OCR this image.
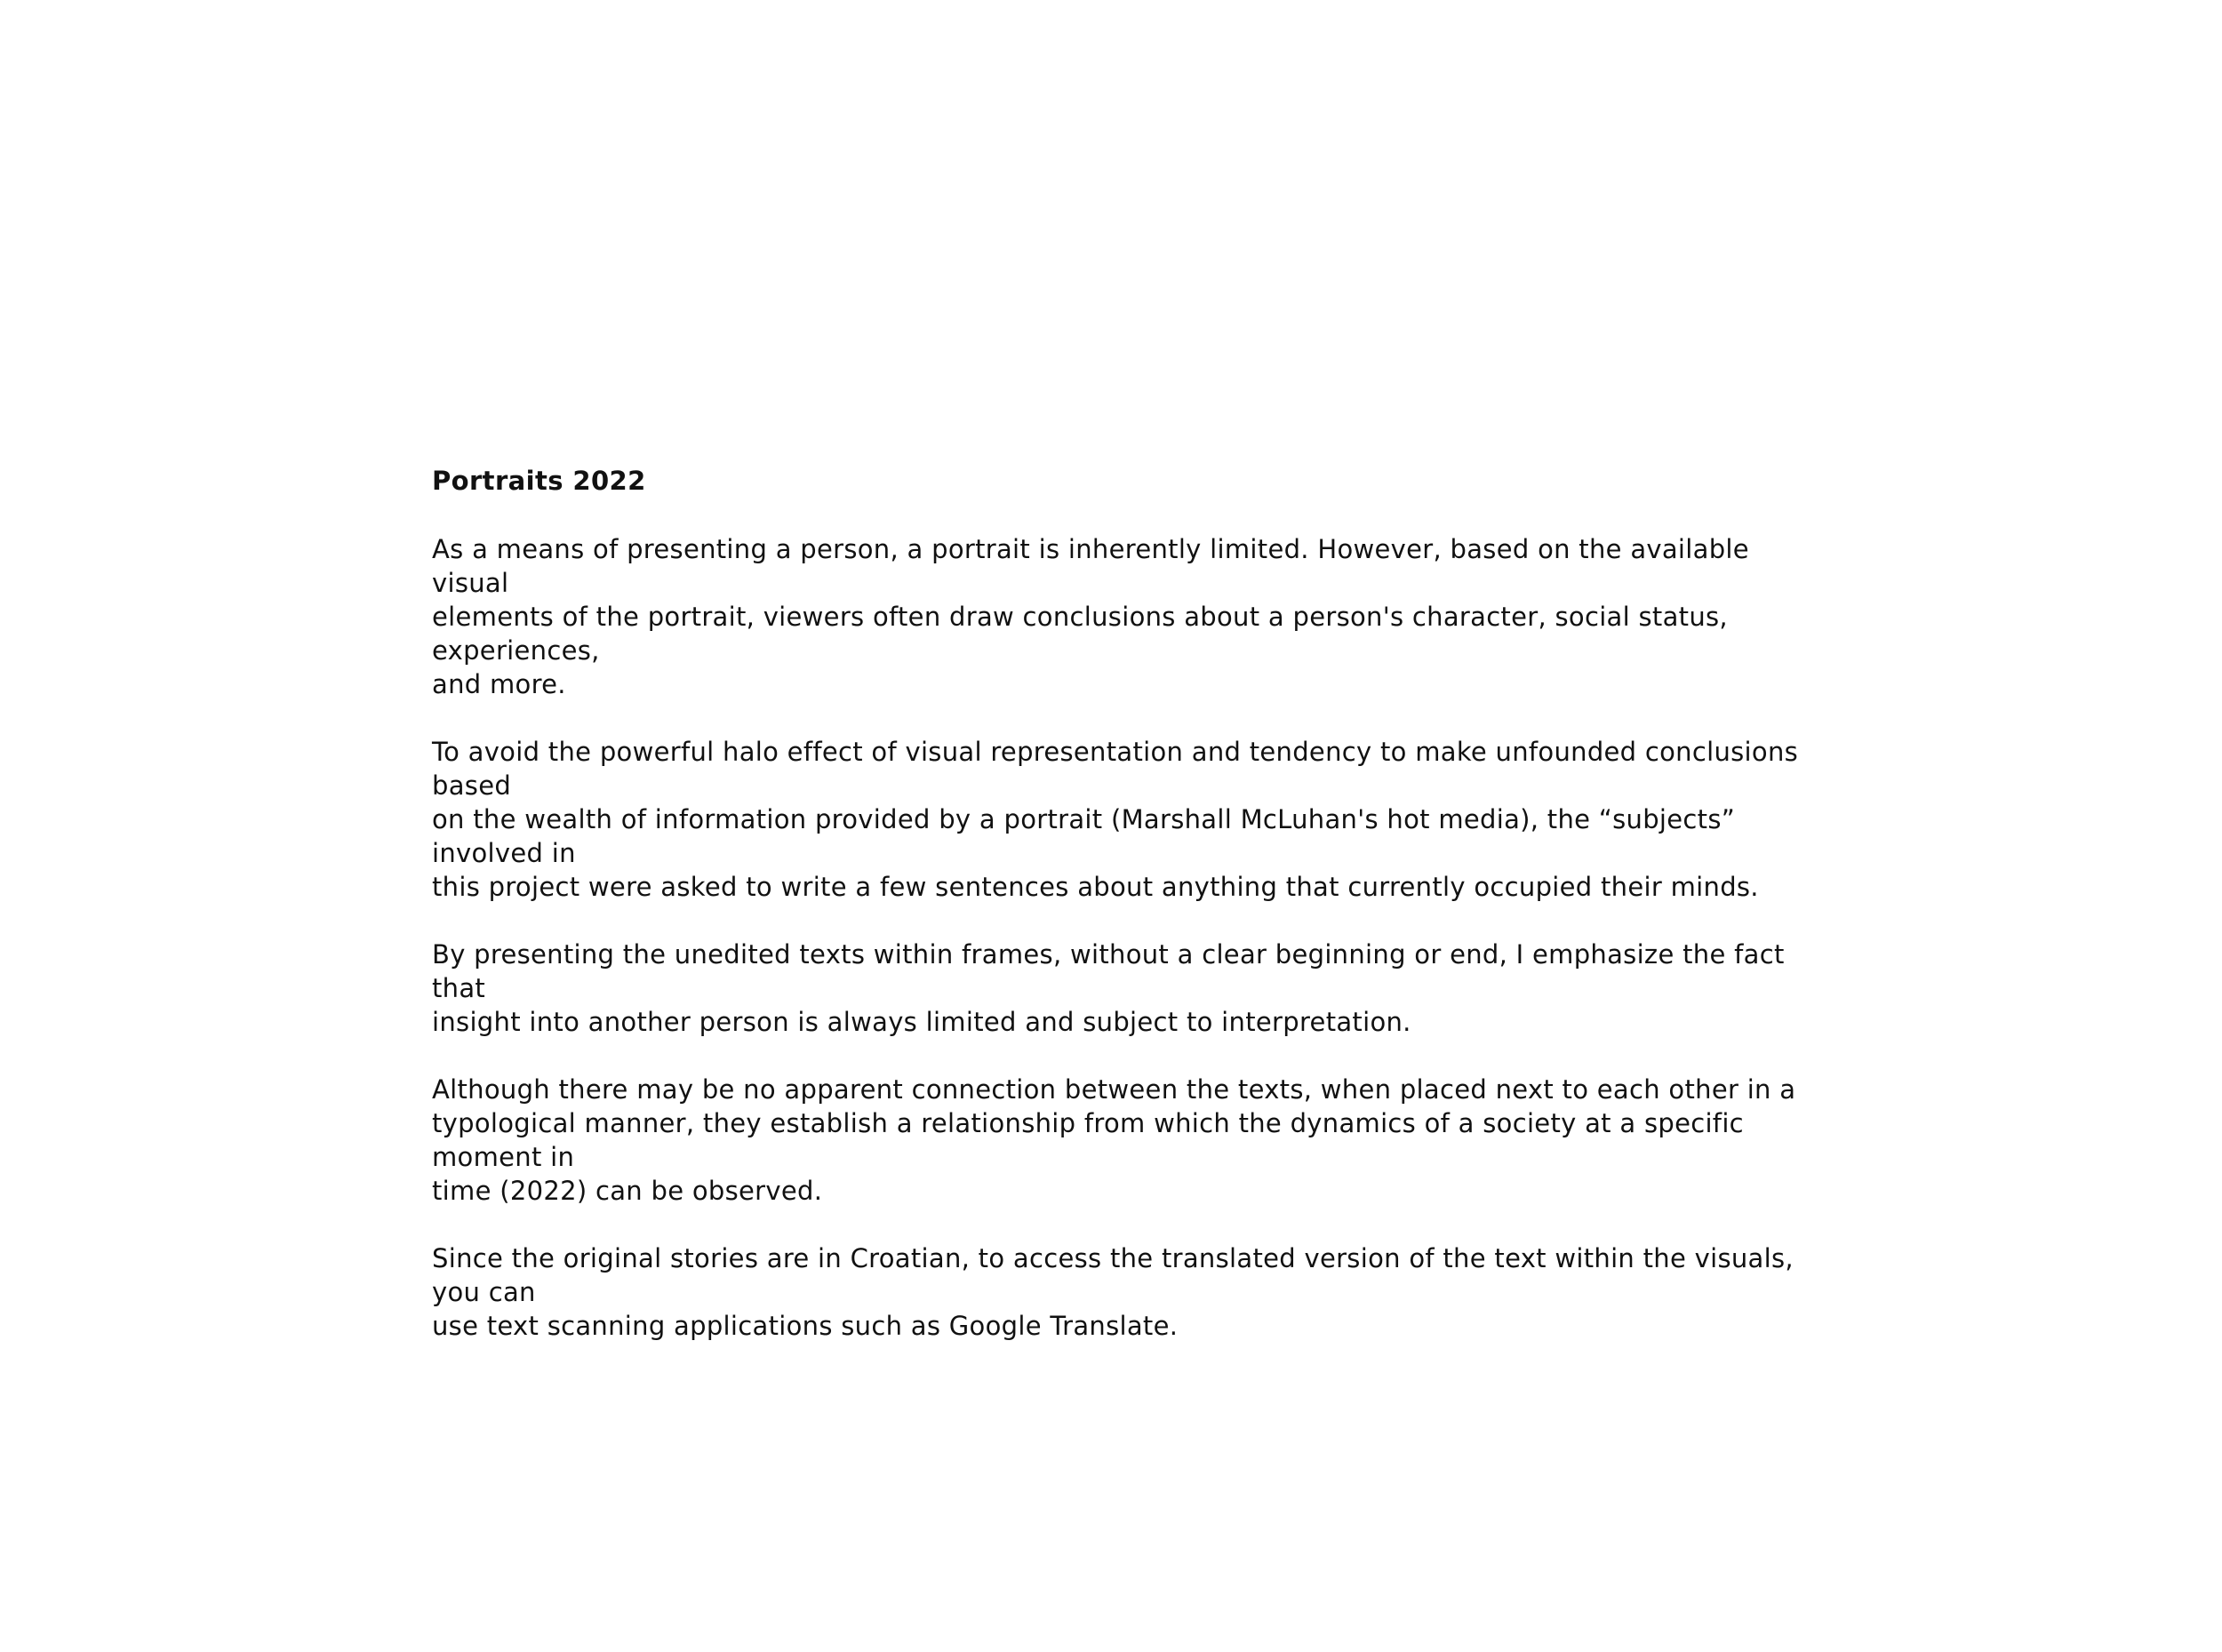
Portraits 2022

As a means of presenting a person, a portrait is inherently limited. However, based on the available visual
elements of the portrait, viewers often draw conclusions about a person's character, social status, experiences,
and more.

To avoid the powerful halo effect of visual representation and tendency to make unfounded conclusions based
on the wealth of information provided by a portrait (Marshall McLuhan's hot media), the “subjects” involved in
this project were asked to write a few sentences about anything that currently occupied their minds.

By presenting the unedited texts within frames, without a clear beginning or end, I emphasize the fact that
insight into another person is always limited and subject to interpretation.

Although there may be no apparent connection between the texts, when placed next to each other in a
typological manner, they establish a relationship from which the dynamics of a society at a specific moment in
time (2022) can be observed.

Since the original stories are in Croatian, to access the translated version of the text within the visuals, you can
use text scanning applications such as Google Translate.
